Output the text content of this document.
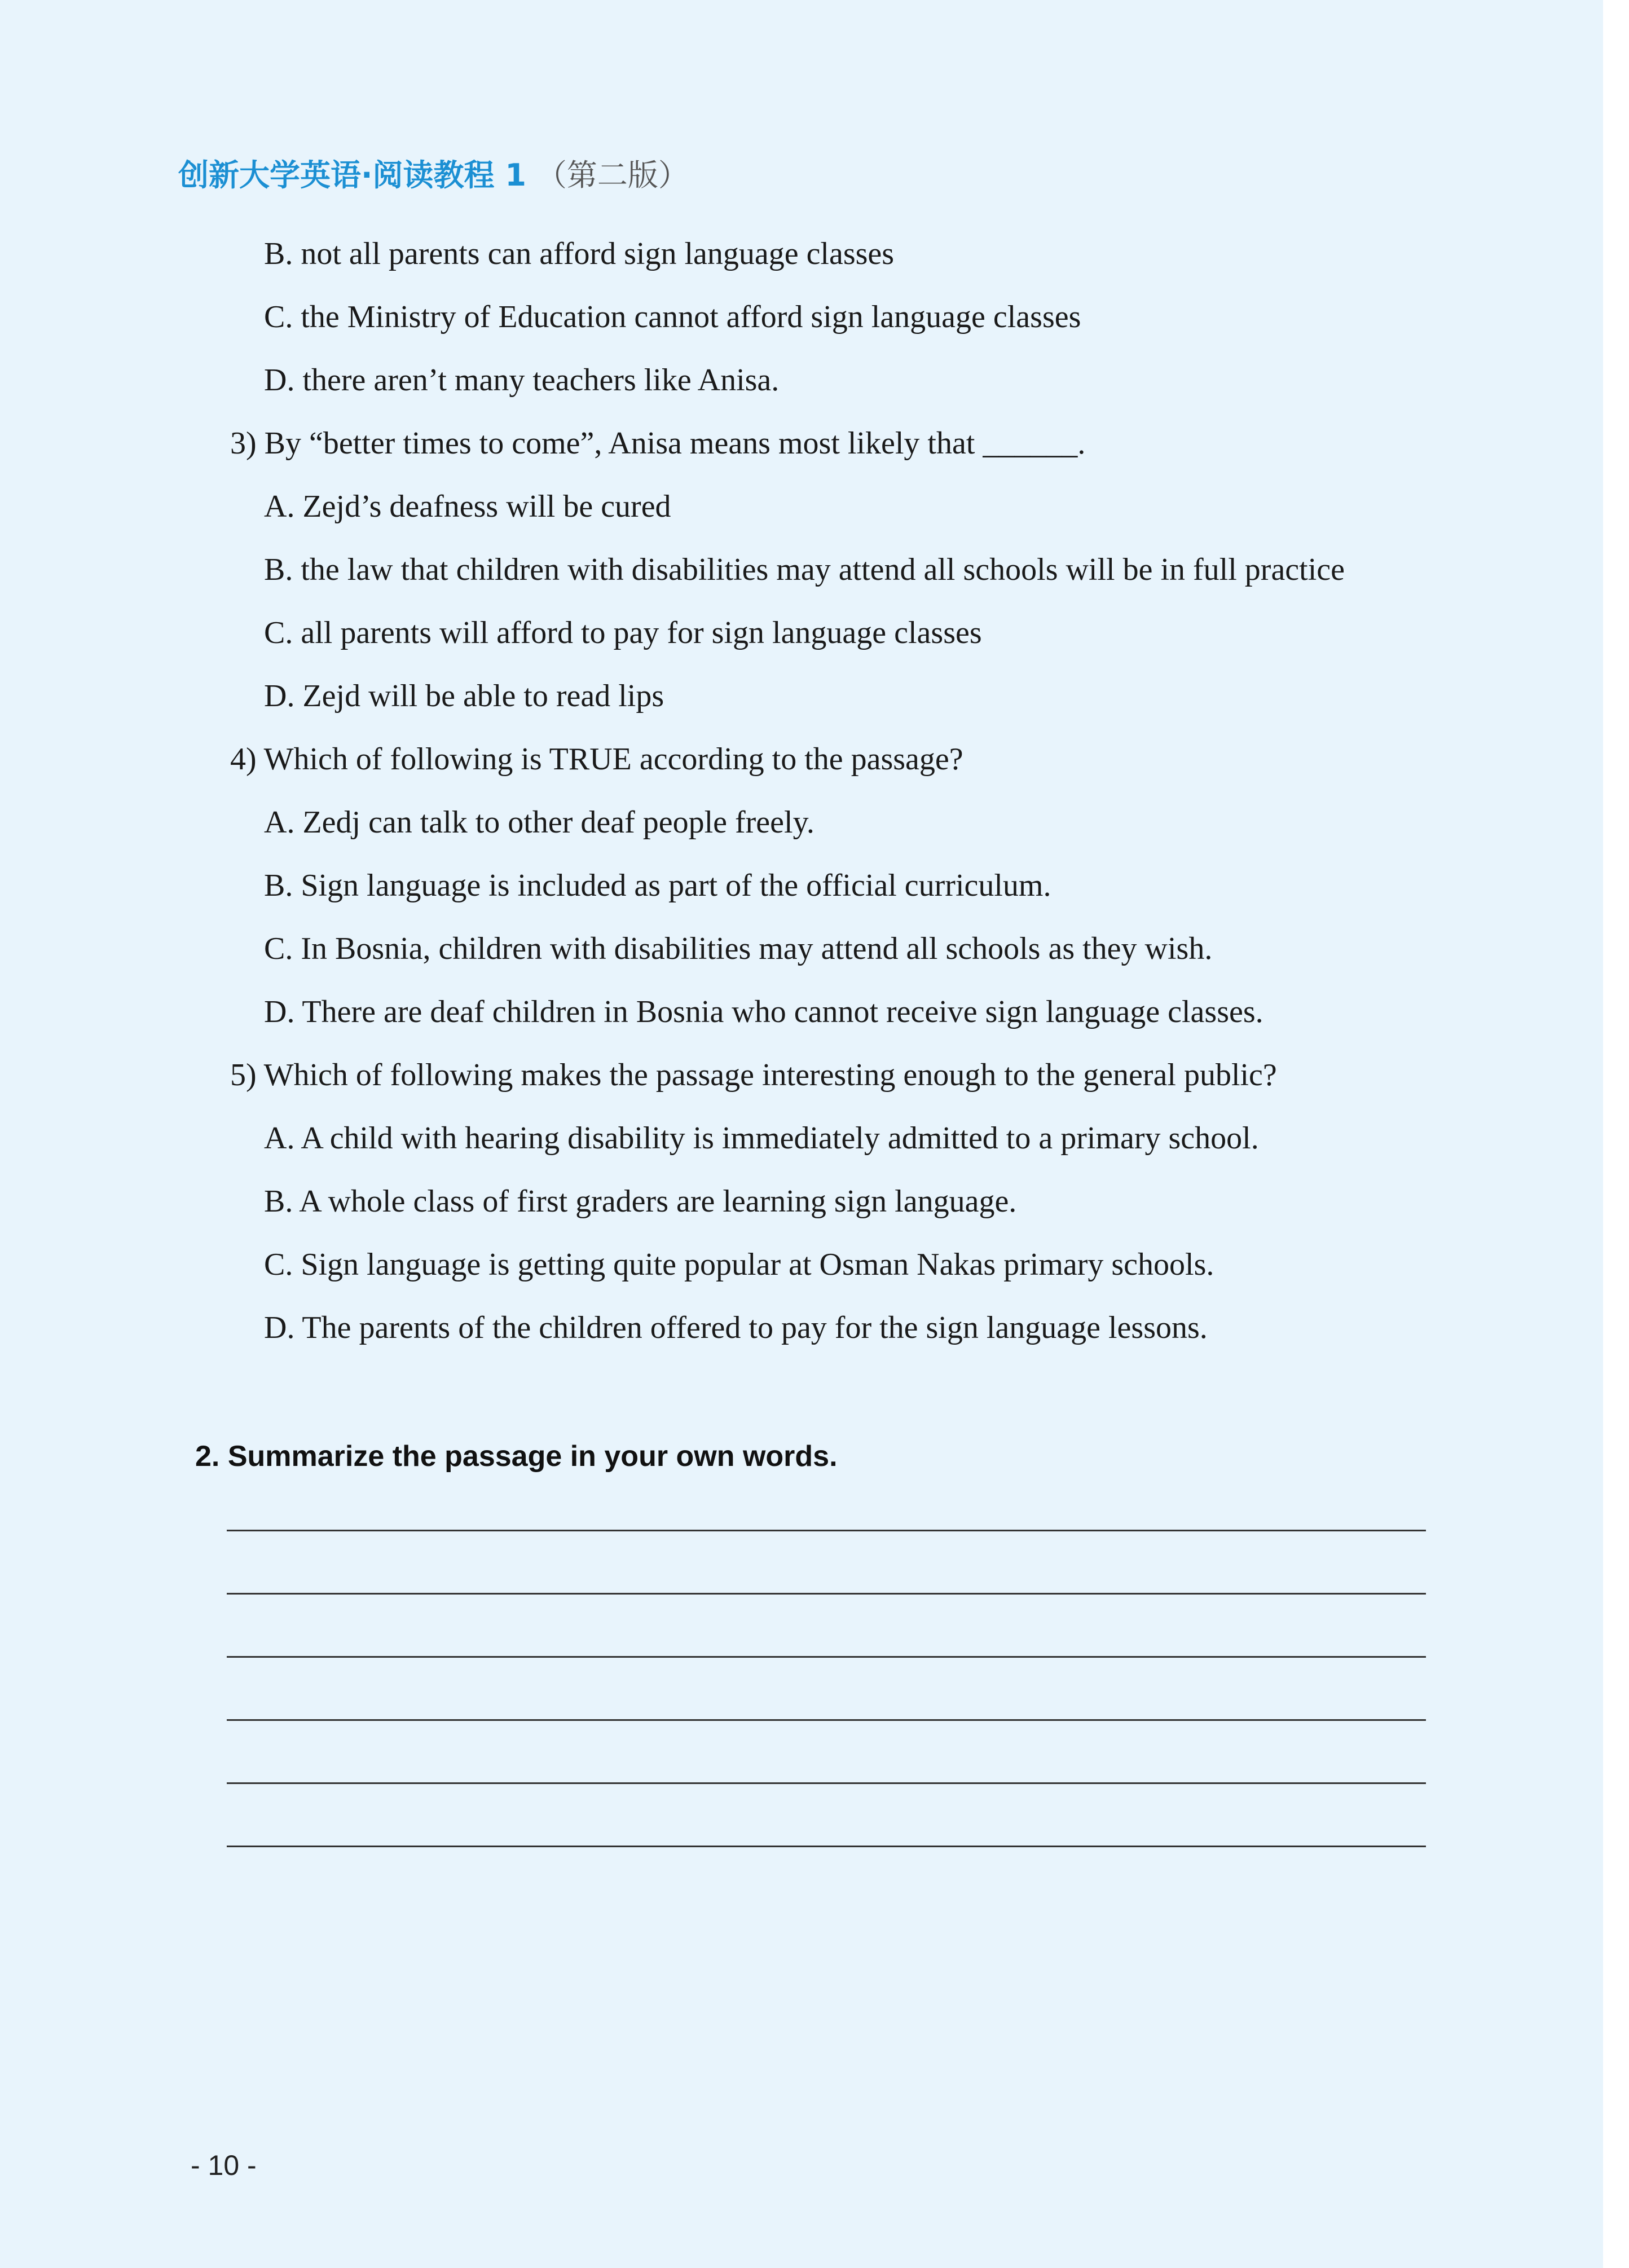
创新大学英语·阅读教程 1 （第二版）
B. not all parents can afford sign language classes
C. the Ministry of Education cannot afford sign language classes
D. there aren’t many teachers like Anisa.
3) By “better times to come”, Anisa means most likely that ______.
A. Zejd’s deafness will be cured
B. the law that children with disabilities may attend all schools will be in full practice
C. all parents will afford to pay for sign language classes
D. Zejd will be able to read lips
4) Which of following is TRUE according to the passage?
A. Zedj can talk to other deaf people freely.
B. Sign language is included as part of the official curriculum.
C. In Bosnia, children with disabilities may attend all schools as they wish.
D. There are deaf children in Bosnia who cannot receive sign language classes.
5) Which of following makes the passage interesting enough to the general public?
A. A child with hearing disability is immediately admitted to a primary school.
B. A whole class of first graders are learning sign language.
C. Sign language is getting quite popular at Osman Nakas primary schools.
D. The parents of the children offered to pay for the sign language lessons.
2. Summarize the passage in your own words.
- 10 -
